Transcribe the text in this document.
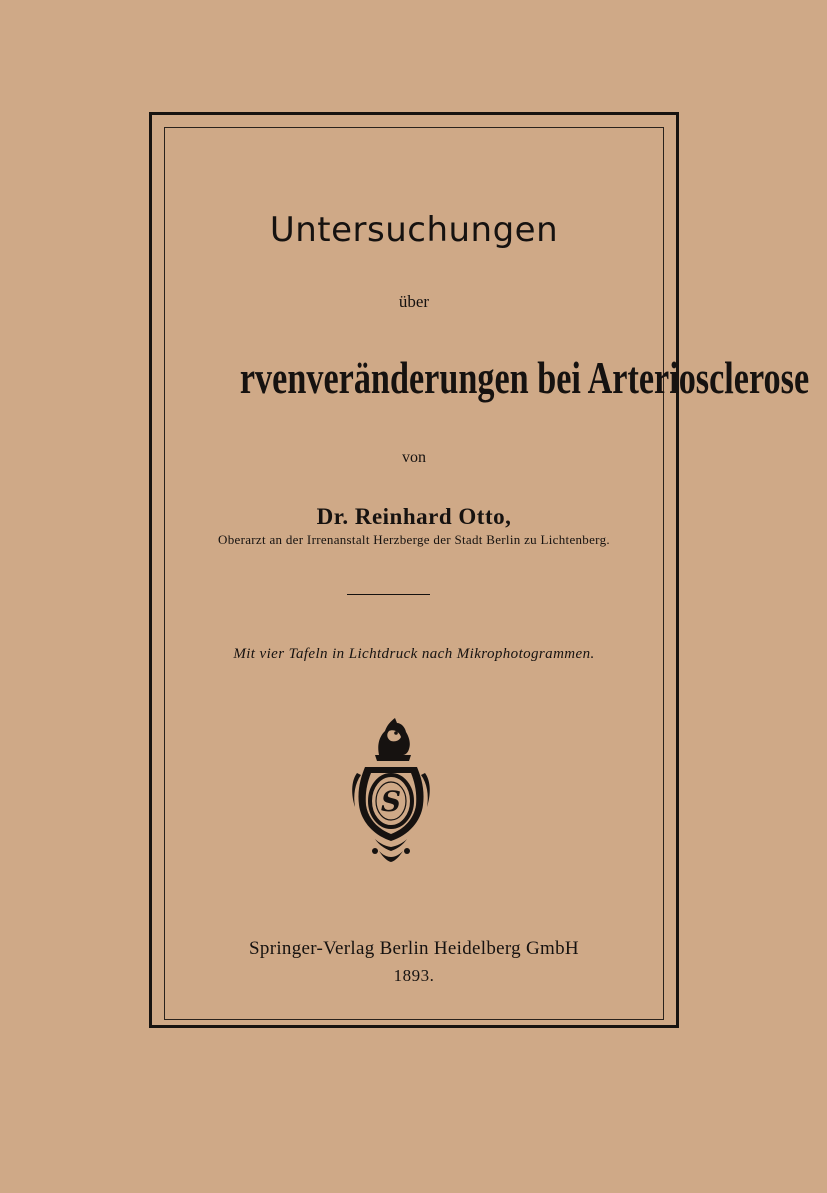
Untersuchungen
über
rvenveränderungen bei Arteriosclerose
von
Dr. Reinhard Otto,
Oberarzt an der Irrenanstalt Herzberge der Stadt Berlin zu Lichtenberg.
Mit vier Tafeln in Lichtdruck nach Mikrophotogrammen.
S
Springer-Verlag Berlin Heidelberg GmbH
1893.
